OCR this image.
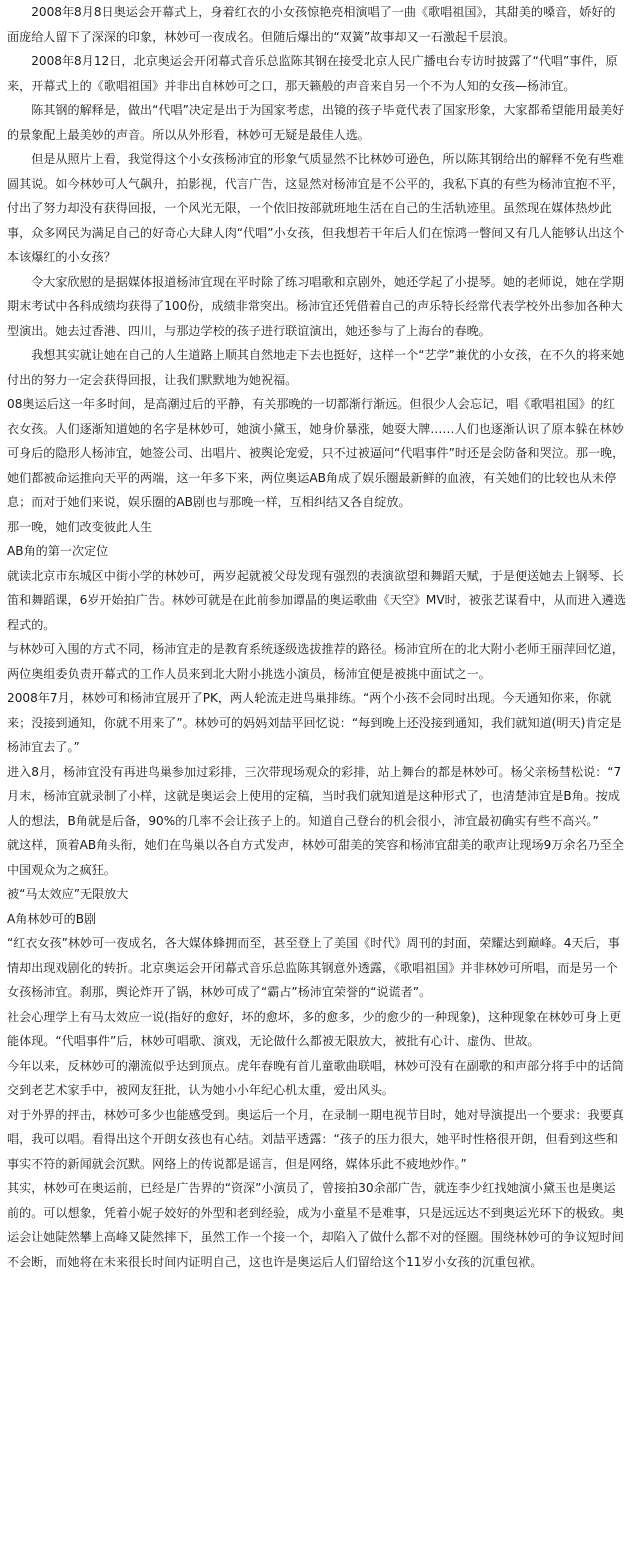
2008年8月8日奥运会开幕式上，身着红衣的小女孩惊艳亮相演唱了一曲《歌唱祖国》，其甜美的嗓音，娇好的面庞给人留下了深深的印象，林妙可一夜成名。但随后爆出的“双簧”故事却又一石激起千层浪。

2008年8月12日，北京奥运会开闭幕式音乐总监陈其钢在接受北京人民广播电台专访时披露了“代唱”事件，原来，开幕式上的《歌唱祖国》并非出自林妙可之口，那天籁般的声音来自另一个不为人知的女孩—杨沛宜。

陈其钢的解释是，做出“代唱”决定是出于为国家考虑，出镜的孩子毕竟代表了国家形象，大家都希望能用最美好的景象配上最美妙的声音。所以从外形看，林妙可无疑是最佳人选。

但是从照片上看，我觉得这个小女孩杨沛宜的形象气质显然不比林妙可逊色，所以陈其钢给出的解释不免有些难圆其说。如今林妙可人气飙升，拍影视，代言广告，这显然对杨沛宜是不公平的，我私下真的有些为杨沛宜抱不平，付出了努力却没有获得回报，一个风光无限，一个依旧按部就班地生活在自己的生活轨迹里。虽然现在媒体热炒此事，众多网民为满足自己的好奇心大肆人肉“代唱”小女孩，但我想若干年后人们在惊鸿一瞥间又有几人能够认出这个本该爆红的小女孩？

令大家欣慰的是据媒体报道杨沛宜现在平时除了练习唱歌和京剧外，她还学起了小提琴。她的老师说，她在学期期末考试中各科成绩均获得了100份，成绩非常突出。杨沛宜还凭借着自己的声乐特长经常代表学校外出参加各种大型演出。她去过香港、四川，与那边学校的孩子进行联谊演出，她还参与了上海台的春晚。

我想其实就让她在自己的人生道路上顺其自然地走下去也挺好，这样一个“艺学”兼优的小女孩，在不久的将来她付出的努力一定会获得回报，让我们默默地为她祝福。

08奥运后这一年多时间，是高潮过后的平静，有关那晚的一切都渐行渐远。但很少人会忘记，唱《歌唱祖国》的红衣女孩。人们逐渐知道她的名字是林妙可，她演小黛玉，她身价暴涨，她耍大牌……人们也逐渐认识了原本躲在林妙可身后的隐形人杨沛宜，她签公司、出唱片、被舆论宠爱，只不过被逼问“代唱事件”时还是会防备和哭泣。那一晚，她们都被命运推向天平的两端，这一年多下来，两位奥运AB角成了娱乐圈最新鲜的血液，有关她们的比较也从未停息；而对于她们来说，娱乐圈的AB剧也与那晚一样，互相纠结又各自绽放。

那一晚，她们改变彼此人生

AB角的第一次定位

就读北京市东城区中街小学的林妙可，两岁起就被父母发现有强烈的表演欲望和舞蹈天赋，于是便送她去上钢琴、长笛和舞蹈课，6岁开始拍广告。林妙可就是在此前参加谭晶的奥运歌曲《天空》MV时，被张艺谋看中，从而进入遴选程式的。

与林妙可入围的方式不同，杨沛宜走的是教育系统逐级选拔推荐的路径。杨沛宜所在的北大附小老师王丽萍回忆道，两位奥组委负责开幕式的工作人员来到北大附小挑选小演员，杨沛宜便是被挑中面试之一。

2008年7月，林妙可和杨沛宜展开了PK，两人轮流走进鸟巢排练。“两个小孩不会同时出现。今天通知你来，你就来；没接到通知，你就不用来了”。林妙可的妈妈刘喆平回忆说：“每到晚上还没接到通知，我们就知道(明天)肯定是杨沛宜去了。”

进入8月，杨沛宜没有再进鸟巢参加过彩排，三次带现场观众的彩排，站上舞台的都是林妙可。杨父亲杨彗松说：“7月末，杨沛宜就录制了小样，这就是奥运会上使用的定稿，当时我们就知道是这种形式了，也清楚沛宜是B角。按成人的想法，B角就是后备，90%的几率不会让孩子上的。知道自己登台的机会很小，沛宜最初确实有些不高兴。”

就这样，顶着AB角头衔，她们在鸟巢以各自方式发声，林妙可甜美的笑容和杨沛宜甜美的歌声让现场9万余名乃至全中国观众为之疯狂。

被“马太效应”无限放大

A角林妙可的B剧

“红衣女孩”林妙可一夜成名，各大媒体蜂拥而至，甚至登上了美国《时代》周刊的封面，荣耀达到巅峰。4天后，事情却出现戏剧化的转折。北京奥运会开闭幕式音乐总监陈其钢意外透露，《歌唱祖国》并非林妙可所唱，而是另一个女孩杨沛宜。刹那，舆论炸开了锅，林妙可成了“霸占”杨沛宜荣誉的“说谎者”。

社会心理学上有马太效应一说(指好的愈好，坏的愈坏，多的愈多，少的愈少的一种现象)，这种现象在林妙可身上更能体现。“代唱事件”后，林妙可唱歌、演戏，无论做什么都被无限放大，被批有心计、虚伪、世故。

今年以来，反林妙可的潮流似乎达到顶点。虎年春晚有首儿童歌曲联唱，林妙可没有在副歌的和声部分将手中的话筒交到老艺术家手中，被网友狂批，认为她小小年纪心机太重，爱出风头。

对于外界的抨击，林妙可多少也能感受到。奥运后一个月，在录制一期电视节目时，她对导演提出一个要求：我要真唱，我可以唱。看得出这个开朗女孩也有心结。刘喆平透露：“孩子的压力很大，她平时性格很开朗，但看到这些和事实不符的新闻就会沉默。网络上的传说都是谣言，但是网络，媒体乐此不疲地炒作。”

其实，林妙可在奥运前，已经是广告界的“资深”小演员了，曾接拍30余部广告，就连李少红找她演小黛玉也是奥运前的。可以想象，凭着小妮子姣好的外型和老到经验，成为小童星不是难事，只是远远达不到奥运光环下的极致。奥运会让她陡然攀上高峰又陡然摔下，虽然工作一个接一个，却陷入了做什么都不对的怪圈。围绕林妙可的争议短时间不会断，而她将在未来很长时间内证明自己，这也许是奥运后人们留给这个11岁小女孩的沉重包袱。
